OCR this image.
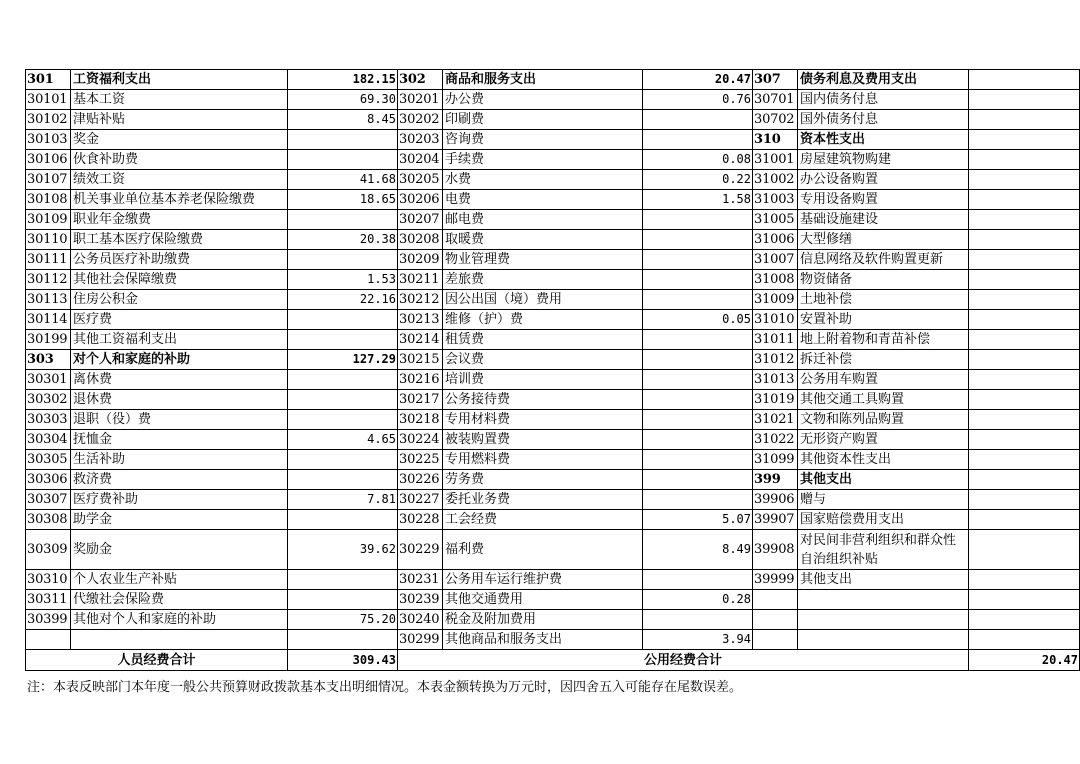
301	工资福利支出	182.15	302	商品和服务支出	20.47	307	债务利息及费用支出	
30101	基本工资	69.30	30201	办公费	0.76	30701	国内债务付息	
30102	津贴补贴	8.45	30202	印刷费		30702	国外债务付息	
30103	奖金		30203	咨询费		310	资本性支出	
30106	伙食补助费		30204	手续费	0.08	31001	房屋建筑物购建	
30107	绩效工资	41.68	30205	水费	0.22	31002	办公设备购置	
30108	机关事业单位基本养老保险缴费	18.65	30206	电费	1.58	31003	专用设备购置	
30109	职业年金缴费		30207	邮电费		31005	基础设施建设	
30110	职工基本医疗保险缴费	20.38	30208	取暖费		31006	大型修缮	
30111	公务员医疗补助缴费		30209	物业管理费		31007	信息网络及软件购置更新	
30112	其他社会保障缴费	1.53	30211	差旅费		31008	物资储备	
30113	住房公积金	22.16	30212	因公出国（境）费用		31009	土地补偿	
30114	医疗费		30213	维修（护）费	0.05	31010	安置补助	
30199	其他工资福利支出		30214	租赁费		31011	地上附着物和青苗补偿	
303	对个人和家庭的补助	127.29	30215	会议费		31012	拆迁补偿	
30301	离休费		30216	培训费		31013	公务用车购置	
30302	退休费		30217	公务接待费		31019	其他交通工具购置	
30303	退职（役）费		30218	专用材料费		31021	文物和陈列品购置	
30304	抚恤金	4.65	30224	被装购置费		31022	无形资产购置	
30305	生活补助		30225	专用燃料费		31099	其他资本性支出	
30306	救济费		30226	劳务费		399	其他支出	
30307	医疗费补助	7.81	30227	委托业务费		39906	赠与	
30308	助学金		30228	工会经费	5.07	39907	国家赔偿费用支出	
30309	奖励金	39.62	30229	福利费	8.49	39908	对民间非营利组织和群众性自治组织补贴	
30310	个人农业生产补贴		30231	公务用车运行维护费		39999	其他支出	
30311	代缴社会保险费		30239	其他交通费用	0.28			
30399	其他对个人和家庭的补助	75.20	30240	税金及附加费用				
			30299	其他商品和服务支出	3.94			
人员经费合计		309.43	公用经费合计					20.47
注：本表反映部门本年度一般公共预算财政拨款基本支出明细情况。本表金额转换为万元时，因四舍五入可能存在尾数误差。
